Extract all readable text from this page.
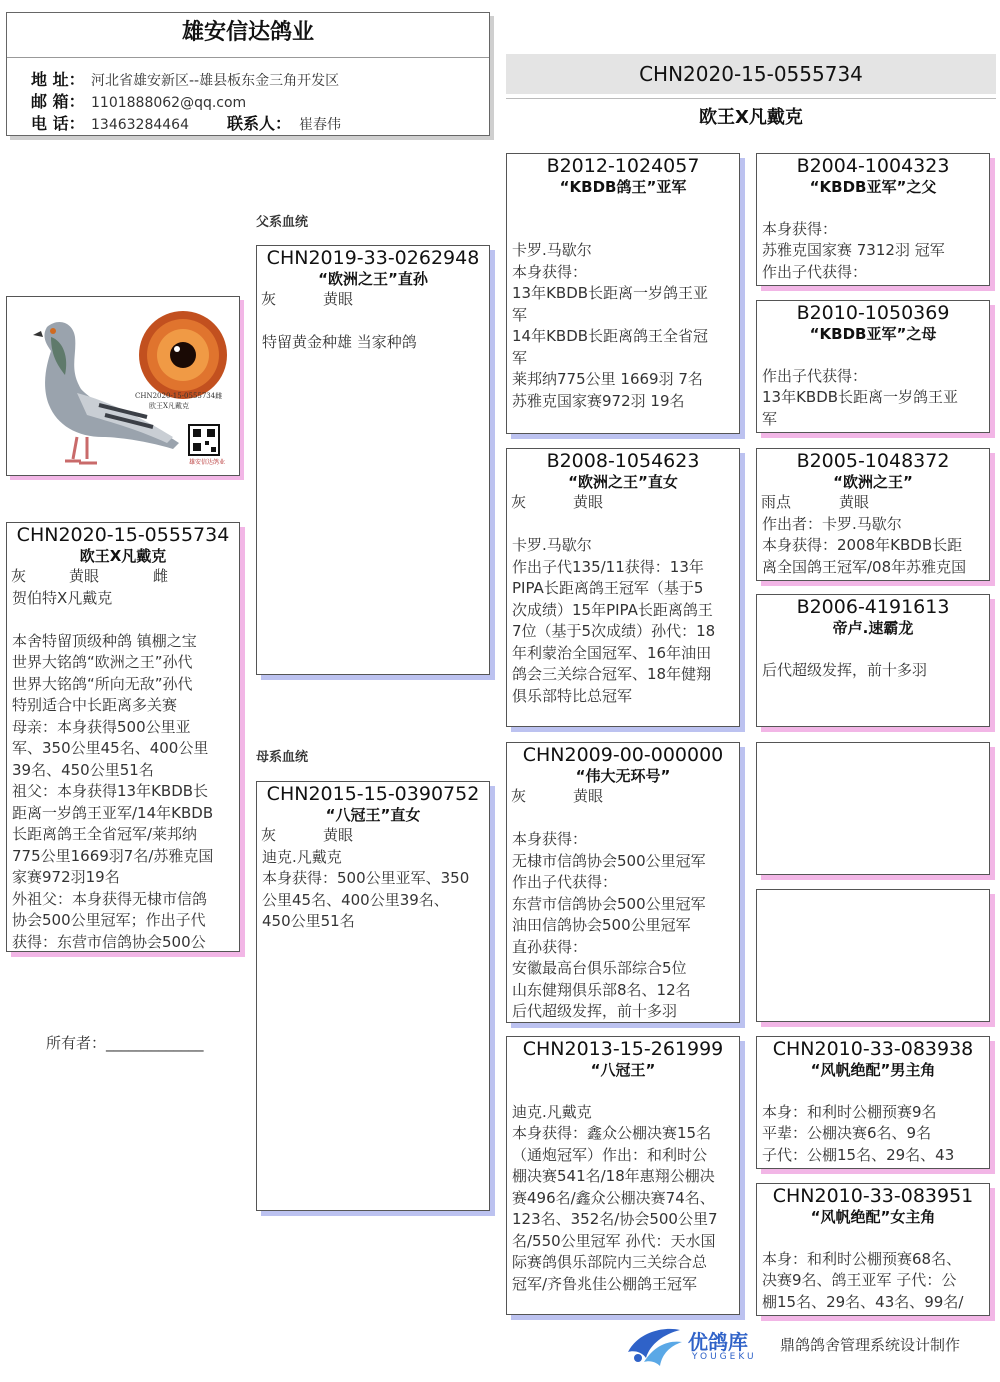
雄安信达鸽业
地 址： 河北省雄安新区--雄县板东金三角开发区
邮 箱： 1101888062@qq.com
电 话： 13463284464 联系人： 崔春伟
CHN2020-15-0555734
欧王X凡戴克
父系血统
母系血统
CHN2020-15-0555734雌
欧王X凡戴克
雄安信达鸽业
CHN2020-15-0555734
欧王X凡戴克
灰	黄眼	雌
贺伯特X凡戴克
本舍特留顶级种鸽 镇棚之宝
世界大铭鸽“欧洲之王”孙代
世界大铭鸽“所向无敌”孙代
特别适合中长距离多关赛
母亲：本身获得500公里亚
军、350公里45名、400公里
39名、450公里51名
祖父：本身获得13年KBDB长
距离一岁鸽王亚军/14年KBDB
长距离鸽王全省冠军/莱邦纳
775公里1669羽7名/苏雅克国
家赛972羽19名
外祖父：本身获得无棣市信鸽
协会500公里冠军；作出子代
获得：东营市信鸽协会500公
所有者：_____________
CHN2019-33-0262948
“欧洲之王”直孙
灰	黄眼
特留黄金种雄 当家种鸽
CHN2015-15-0390752
“八冠王”直女
灰	黄眼
迪克.凡戴克
本身获得：500公里亚军、350
公里45名、400公里39名、
450公里51名
B2012-1024057
“KBDB鸽王”亚军
卡罗.马歇尔
本身获得：
13年KBDB长距离一岁鸽王亚
军
14年KBDB长距离鸽王全省冠
军
莱邦纳775公里 1669羽 7名
苏雅克国家赛972羽 19名
B2008-1054623
“欧洲之王”直女
灰	黄眼
卡罗.马歇尔
作出子代135/11获得：13年
PIPA长距离鸽王冠军（基于5
次成绩）15年PIPA长距离鸽王
7位（基于5次成绩）孙代：18
年利蒙治全国冠军、16年油田
鸽会三关综合冠军、18年健翔
俱乐部特比总冠军
CHN2009-00-000000
“伟大无环号”
灰	黄眼
本身获得：
无棣市信鸽协会500公里冠军
作出子代获得：
东营市信鸽协会500公里冠军
油田信鸽协会500公里冠军
直孙获得：
安徽最高台俱乐部综合5位
山东健翔俱乐部8名、12名
后代超级发挥，前十多羽
CHN2013-15-261999
“八冠王”
迪克.凡戴克
本身获得：鑫众公棚决赛15名
（通炮冠军）作出：和利时公
棚决赛541名/18年惠翔公棚决
赛496名/鑫众公棚决赛74名、
123名、352名/协会500公里7
名/550公里冠军 孙代：天水国
际赛鸽俱乐部院内三关综合总
冠军/齐鲁兆佳公棚鸽王冠军
B2004-1004323
“KBDB亚军”之父
本身获得：
苏雅克国家赛 7312羽 冠军
作出子代获得：
B2010-1050369
“KBDB亚军”之母
作出子代获得：
13年KBDB长距离一岁鸽王亚
军
B2005-1048372
“欧洲之王”
雨点	黄眼
作出者：卡罗.马歇尔
本身获得：2008年KBDB长距
离全国鸽王冠军/08年苏雅克国
B2006-4191613
帝卢.速霸龙
后代超级发挥，前十多羽
CHN2010-33-083938
“风帆绝配”男主角
本身：和利时公棚预赛9名
平辈：公棚决赛6名、9名
子代：公棚15名、29名、43
CHN2010-33-083951
“风帆绝配”女主角
本身：和利时公棚预赛68名、
决赛9名、鸽王亚军 子代：公
棚15名、29名、43名、99名/
优鸽库
YOUGEKU
鼎鸽鸽舍管理系统设计制作
